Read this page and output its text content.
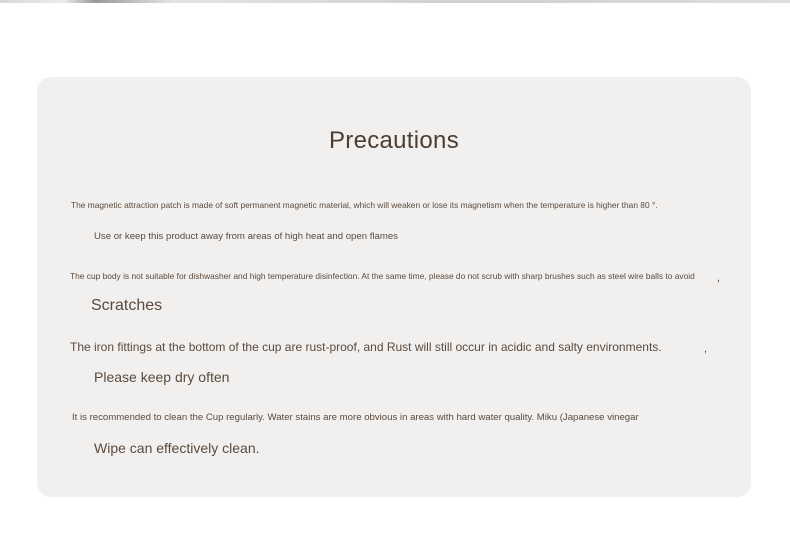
Precautions
The magnetic attraction patch is made of soft permanent magnetic material, which will weaken or lose its magnetism when the temperature is higher than 80 °.
Use or keep this product away from areas of high heat and open flames
The cup body is not suitable for dishwasher and high temperature disinfection. At the same time, please do not scrub with sharp brushes such as steel wire balls to avoid ,
Scratches
The iron fittings at the bottom of the cup are rust-proof, and Rust will still occur in acidic and salty environments.	,
Please keep dry often
It is recommended to clean the Cup regularly. Water stains are more obvious in areas with hard water quality. Miku (Japanese vinegar
Wipe can effectively clean.
